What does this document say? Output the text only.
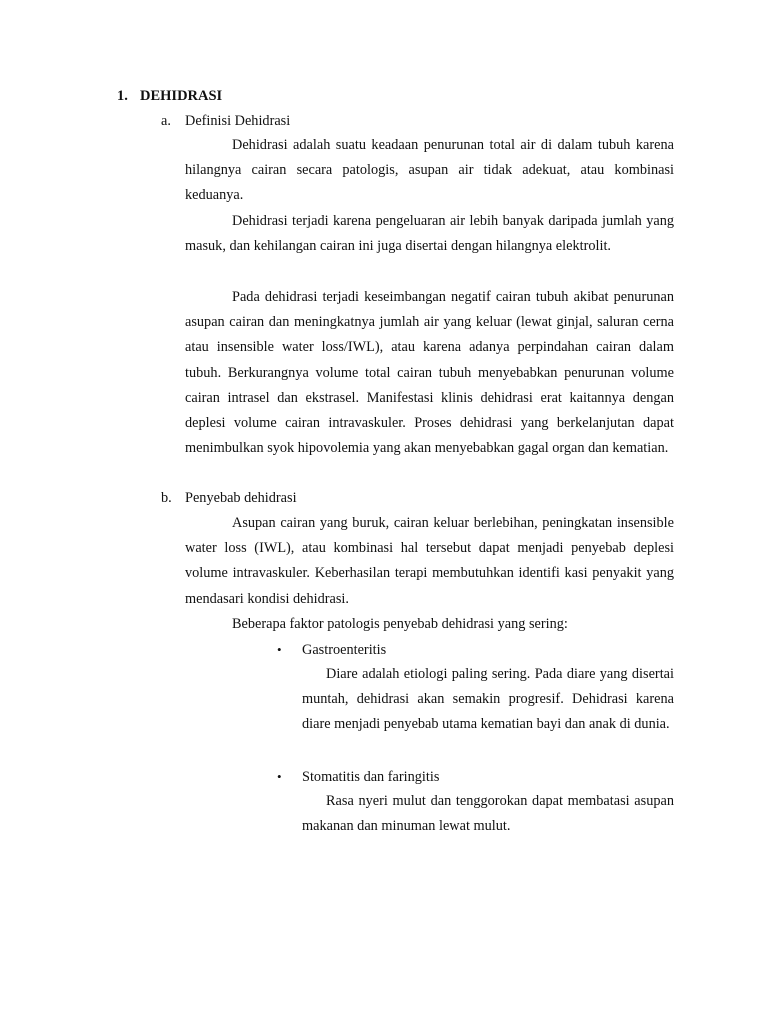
1. DEHIDRASI
a. Definisi Dehidrasi

Dehidrasi adalah suatu keadaan penurunan total air di dalam tubuh karena hilangnya cairan secara patologis, asupan air tidak adekuat, atau kombinasi keduanya.

Dehidrasi terjadi karena pengeluaran air lebih banyak daripada jumlah yang masuk, dan kehilangan cairan ini juga disertai dengan hilangnya elektrolit.

Pada dehidrasi terjadi keseimbangan negatif cairan tubuh akibat penurunan asupan cairan dan meningkatnya jumlah air yang keluar (lewat ginjal, saluran cerna atau insensible water loss/IWL), atau karena adanya perpindahan cairan dalam tubuh. Berkurangnya volume total cairan tubuh menyebabkan penurunan volume cairan intrasel dan ekstrasel. Manifestasi klinis dehidrasi erat kaitannya dengan deplesi volume cairan intravaskuler. Proses dehidrasi yang berkelanjutan dapat menimbulkan syok hipovolemia yang akan menyebabkan gagal organ dan kematian.

b. Penyebab dehidrasi

Asupan cairan yang buruk, cairan keluar berlebihan, peningkatan insensible water loss (IWL), atau kombinasi hal tersebut dapat menjadi penyebab deplesi volume intravaskuler. Keberhasilan terapi membutuhkan identifi kasi penyakit yang mendasari kondisi dehidrasi.

Beberapa faktor patologis penyebab dehidrasi yang sering:

• Gastroenteritis

Diare adalah etiologi paling sering. Pada diare yang disertai muntah, dehidrasi akan semakin progresif. Dehidrasi karena diare menjadi penyebab utama kematian bayi dan anak di dunia.

• Stomatitis dan faringitis

Rasa nyeri mulut dan tenggorokan dapat membatasi asupan makanan dan minuman lewat mulut.
